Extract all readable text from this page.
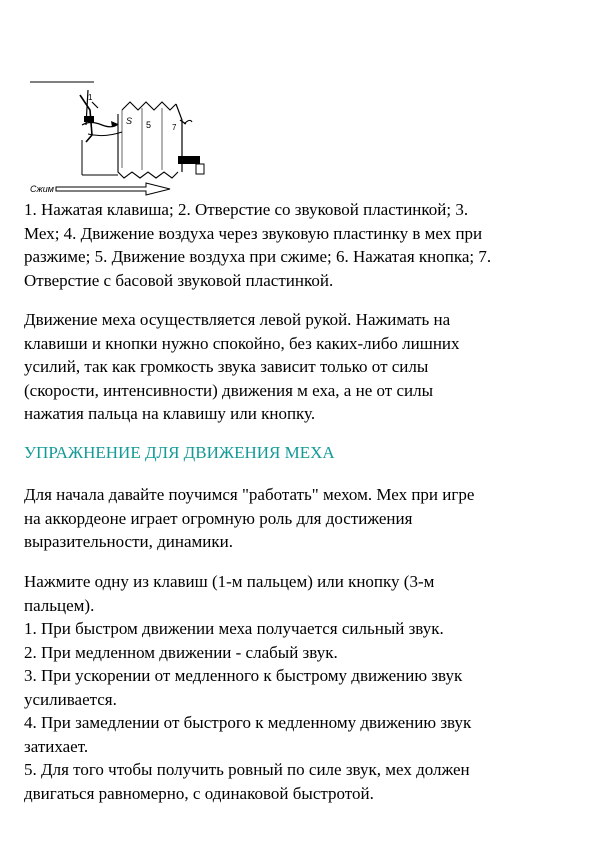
1
5
S
7
Сжим
1. Нажатая клавиша; 2. Отверстие со звуковой пластинкой; 3.
Мех; 4. Движение воздуха через звуковую пластинку в мех при
разжиме; 5. Движение воздуха при сжиме; 6. Нажатая кнопка; 7.
Отверстие с басовой звуковой пластинкой.
Движение меха осуществляется левой рукой. Нажимать на
клавиши и кнопки нужно спокойно, без каких-либо лишних
усилий, так как громкость звука зависит только от силы
(скорости, интенсивности) движения м еха, а не от силы
нажатия пальца на клавишу или кнопку.
УПРАЖНЕНИЕ ДЛЯ ДВИЖЕНИЯ МЕХА
Для начала давайте поучимся "работать" мехом. Мех при игре
на аккордеоне играет огромную роль для достижения
выразительности, динамики.
Нажмите одну из клавиш (1-м пальцем) или кнопку (3-м
пальцем).
1. При быстром движении меха получается сильный звук.
2. При медленном движении - слабый звук.
3. При ускорении от медленного к быстрому движению звук
усиливается.
4. При замедлении от быстрого к медленному движению звук
затихает.
5. Для того чтобы получить ровный по силе звук, мех должен
двигаться равномерно, с одинаковой быстротой.
